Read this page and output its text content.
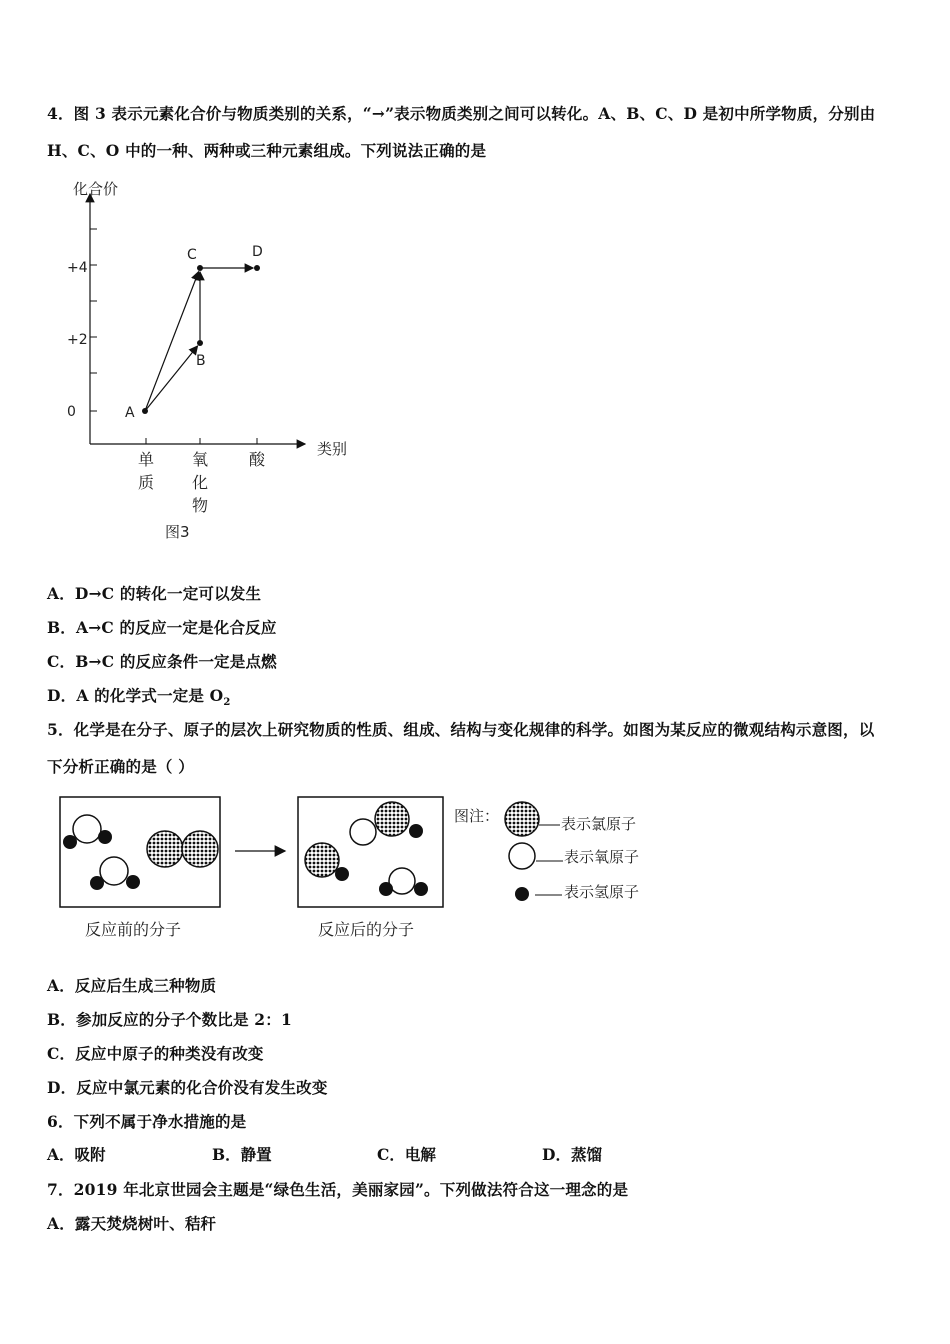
4．图 3 表示元素化合价与物质类别的关系，“→”表示物质类别之间可以转化。A、B、C、D 是初中所学物质，分别由
H、C、O 中的一种、两种或三种元素组成。下列说法正确的是
化合价
类别
+4
+2
0
单
质
氧
化
物
酸
A
B
C	D
图3
A．D→C 的转化一定可以发生
B．A→C 的反应一定是化合反应
C．B→C 的反应条件一定是点燃
D．A 的化学式一定是 $O_2$
5．化学是在分子、原子的层次上研究物质的性质、组成、结构与变化规律的科学。如图为某反应的微观结构示意图，以
下分析正确的是（ ）
反应前的分子	反应后的分子
图注：	表示氯原子
表示氧原子
表示氢原子
A．反应后生成三种物质
B．参加反应的分子个数比是 2：1
C．反应中原子的种类没有改变
D．反应中氯元素的化合价没有发生改变
6．下列不属于净水措施的是
A．吸附	B．静置	C．电解	D．蒸馏
7．2019 年北京世园会主题是“绿色生活，美丽家园”。下列做法符合这一理念的是
A．露天焚烧树叶、秸秆
